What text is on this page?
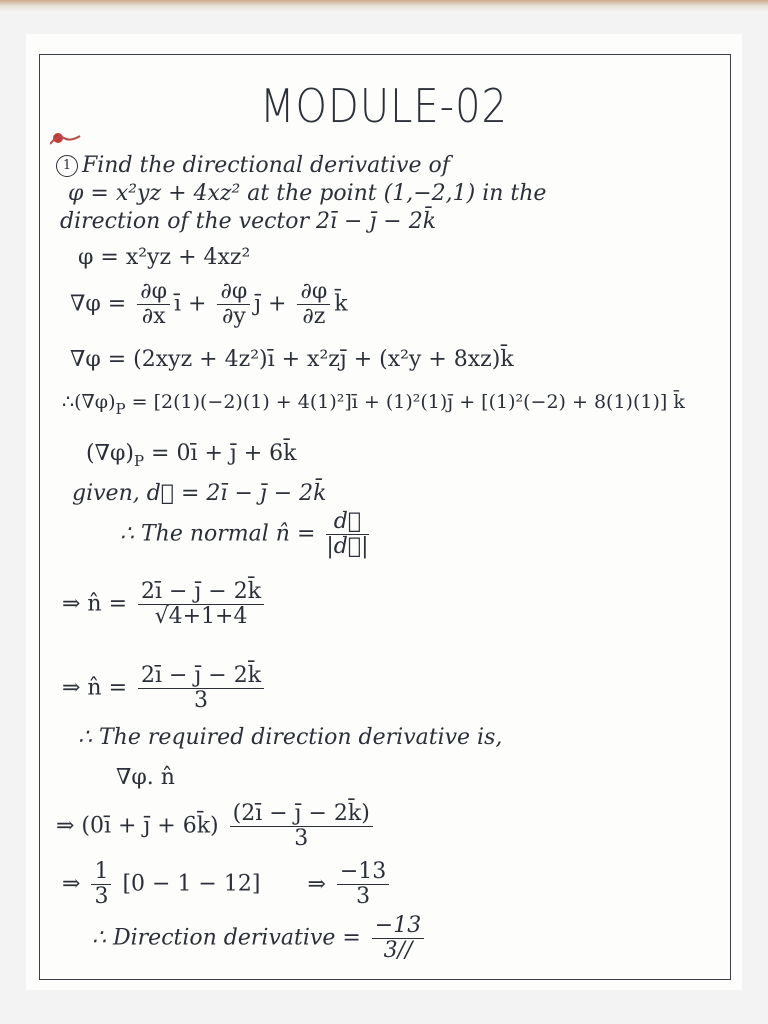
MODULE-02
1 Find the directional derivative of
φ = x²yz + 4xz² at the point (1,−2,1) in the
direction of the vector 2ī − j̄ − 2k̄
φ = x²yz + 4xz²
$\nabla\varphi = \frac{\partial\varphi}{\partial x}$ ī + $\frac{\partial\varphi}{\partial y}$ j̄ + $\frac{\partial\varphi}{\partial z}$ k̄
∇φ = (2xyz + 4z²)ī + x²zj̄ + (x²y + 8xz)k̄
$\therefore(\nabla\varphi)_P = [2(1)(-2)(1)$ + 4(1)²]ī + (1)²(1)j̄ + [(1)²(−2) + 8(1)(1)] k̄
$(\nabla\varphi)_P$ = 0ī + j̄ + 6k̄
given, d⃗ = 2ī − j̄ − 2k̄
∴ The normal n̂ = $\frac{d⃗}{|d⃗|}$
⇒ n̂ = $\frac{2ī - j̄ - 2k̄}{√4+1+4}$
⇒ n̂ = $\frac{2ī - j̄ - 2k̄}{3}$
∴ The required direction derivative is,
∇φ. n̂
⇒ (0ī + j̄ + 6k̄) $\frac{(2ī - j̄ - 2k̄)}{3}$
⇒ $\frac{1}{3} [0 - 1 - 12]$ ⇒ $\frac{-13}{3}$
∴ Direction derivative = $\frac{-13}{3//}$
